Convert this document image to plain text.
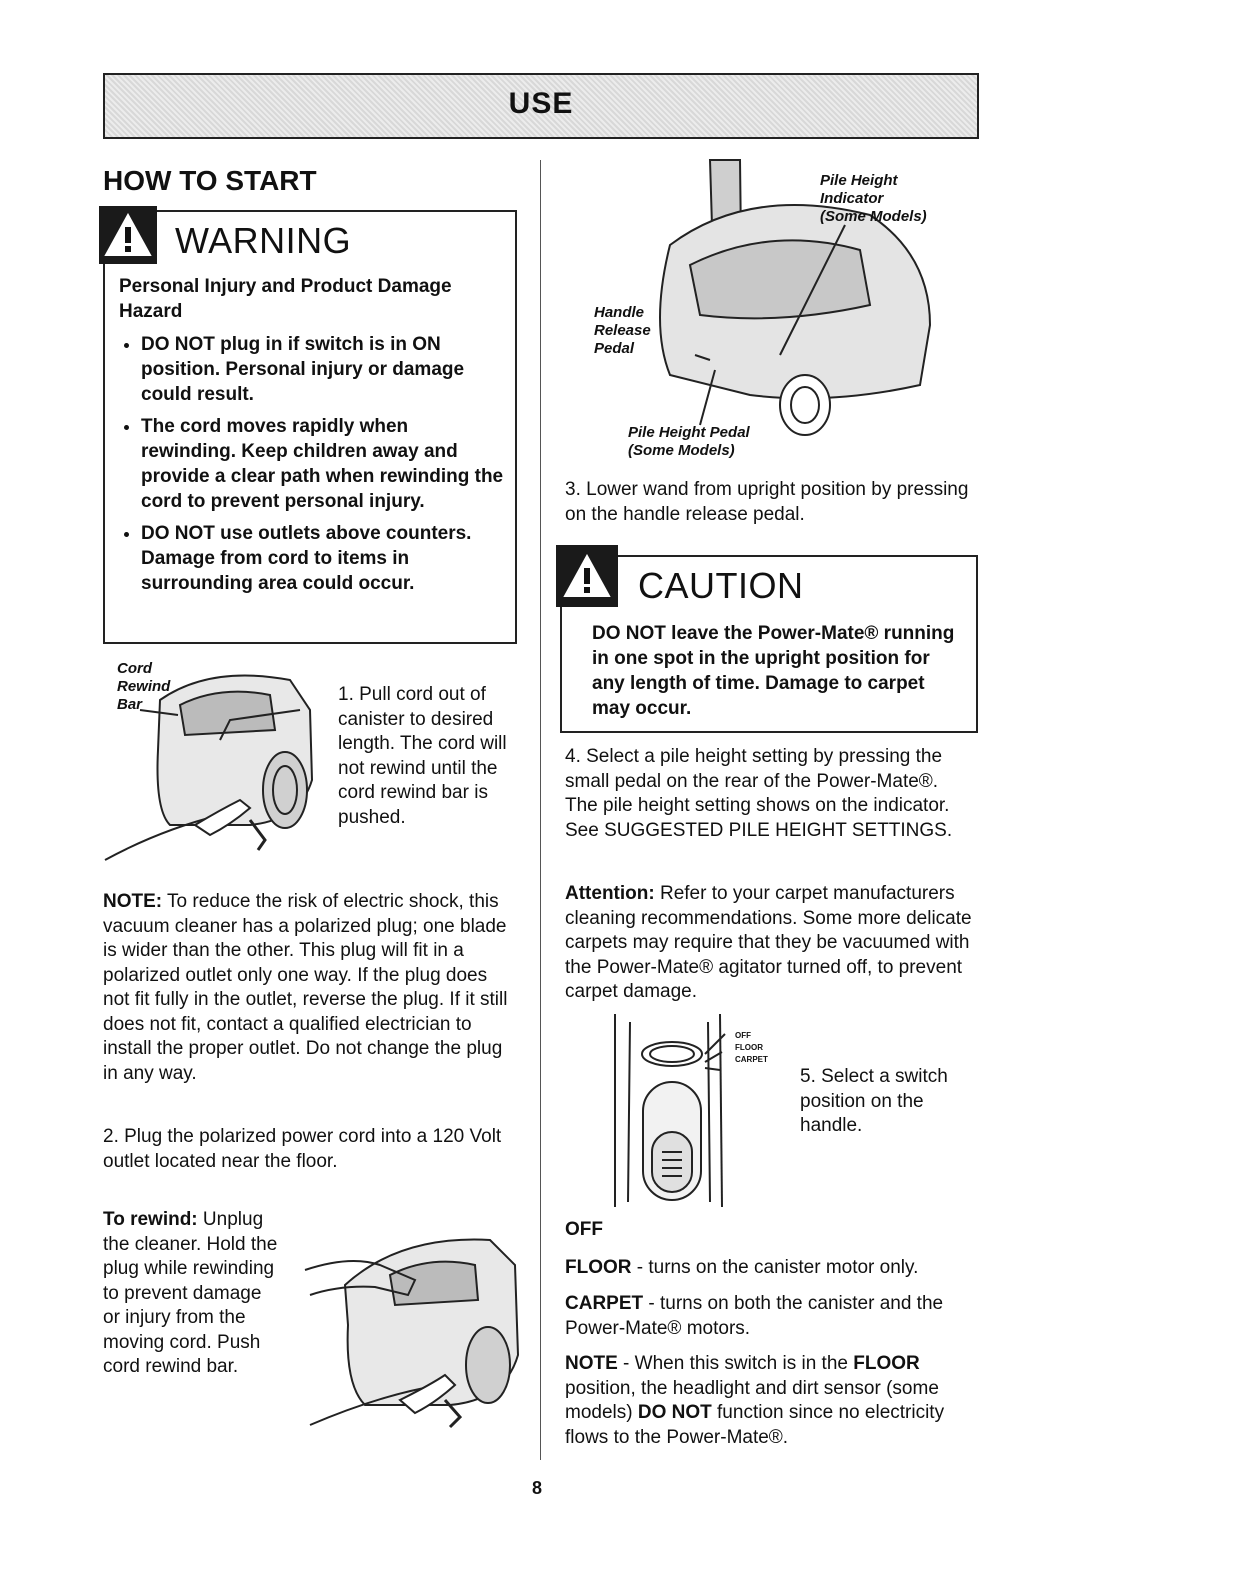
USE
HOW TO START
WARNING
Personal Injury and Product Damage Hazard
• DO NOT plug in if switch is in ON position. Personal injury or damage could result.
• The cord moves rapidly when rewinding. Keep children away and provide a clear path when rewinding the cord to prevent personal injury.
• DO NOT use outlets above counters. Damage from cord to items in surrounding area could occur.
Cord
Rewind
Bar	1. Pull cord out of canister to desired length. The cord will not rewind until the cord rewind bar is pushed.
NOTE: To reduce the risk of electric shock, this vacuum cleaner has a polarized plug; one blade is wider than the other. This plug will fit in a polarized outlet only one way. If the plug does not fit fully in the outlet, reverse the plug. If it still does not fit, contact a qualified electrician to install the proper outlet. Do not change the plug in any way.
2. Plug the polarized power cord into a 120 Volt outlet located near the floor.
To rewind: Unplug the cleaner. Hold the plug while rewinding to prevent damage or injury from the moving cord. Push cord rewind bar.
Pile Height
Indicator
(Some Models)
Handle
Release
Pedal
Pile Height Pedal
(Some Models)
3. Lower wand from upright position by pressing on the handle release pedal.
CAUTION
DO NOT leave the Power-Mate® running in one spot in the upright position for any length of time. Damage to carpet may occur.
4. Select a pile height setting by pressing the small pedal on the rear of the Power-Mate®. The pile height setting shows on the indicator. See SUGGESTED PILE HEIGHT SETTINGS.
Attention: Refer to your carpet manufacturers cleaning recommendations. Some more delicate carpets may require that they be vacuumed with the Power-Mate® agitator turned off, to prevent carpet damage.
OFF
FLOOR
CARPET
5. Select a switch position on the handle.
OFF
FLOOR - turns on the canister motor only.
CARPET - turns on both the canister and the Power-Mate® motors.
NOTE - When this switch is in the FLOOR position, the headlight and dirt sensor (some models) DO NOT function since no electricity flows to the Power-Mate®.
8
